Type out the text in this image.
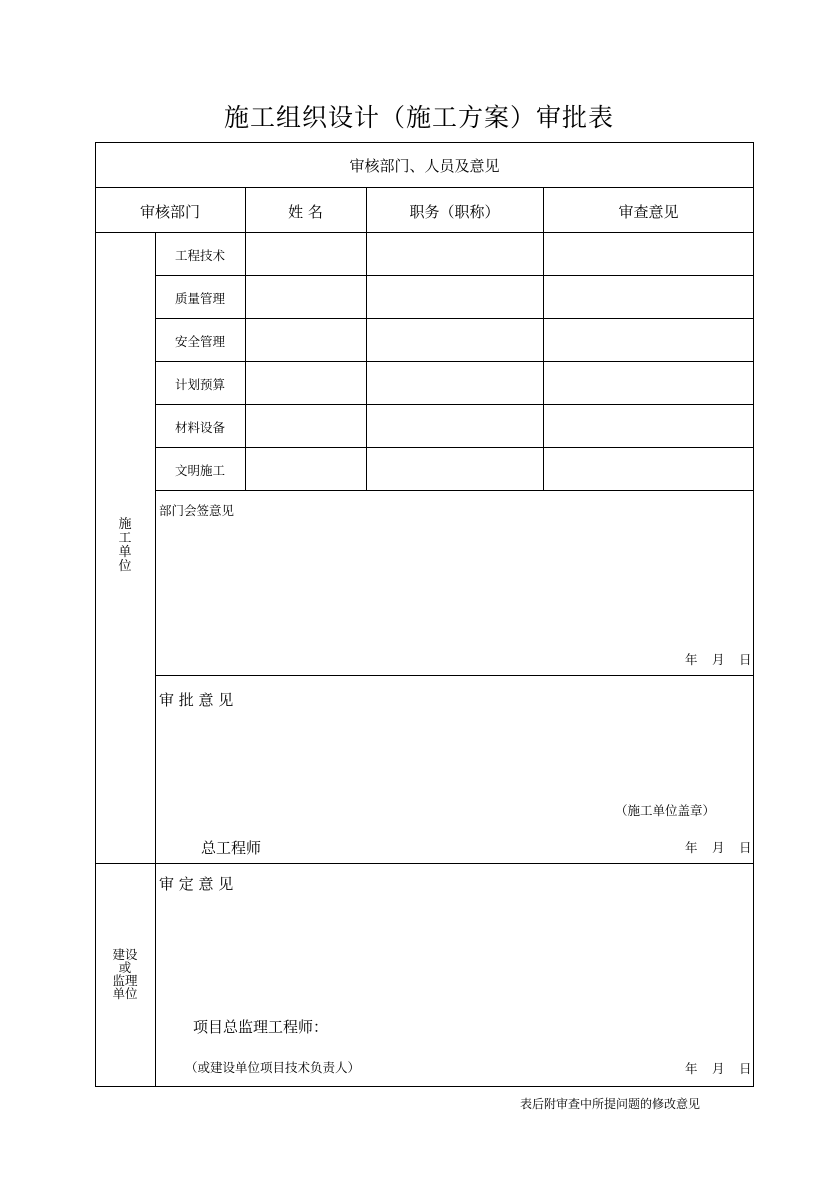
施工组织设计（施工方案）审批表
审核部门、人员及意见
审核部门	姓 名	职务（职称）	审查意见
工程技术
质量管理
安全管理
计划预算
材料设备
文明施工
施
工
单
位
部门会签意见
年 月 日
审 批 意 见
（施工单位盖章）
总工程师	年 月 日
建设
或
监理
单位
审 定 意 见
项目总监理工程师：
（或建设单位项目技术负责人）	年 月 日
表后附审查中所提问题的修改意见
